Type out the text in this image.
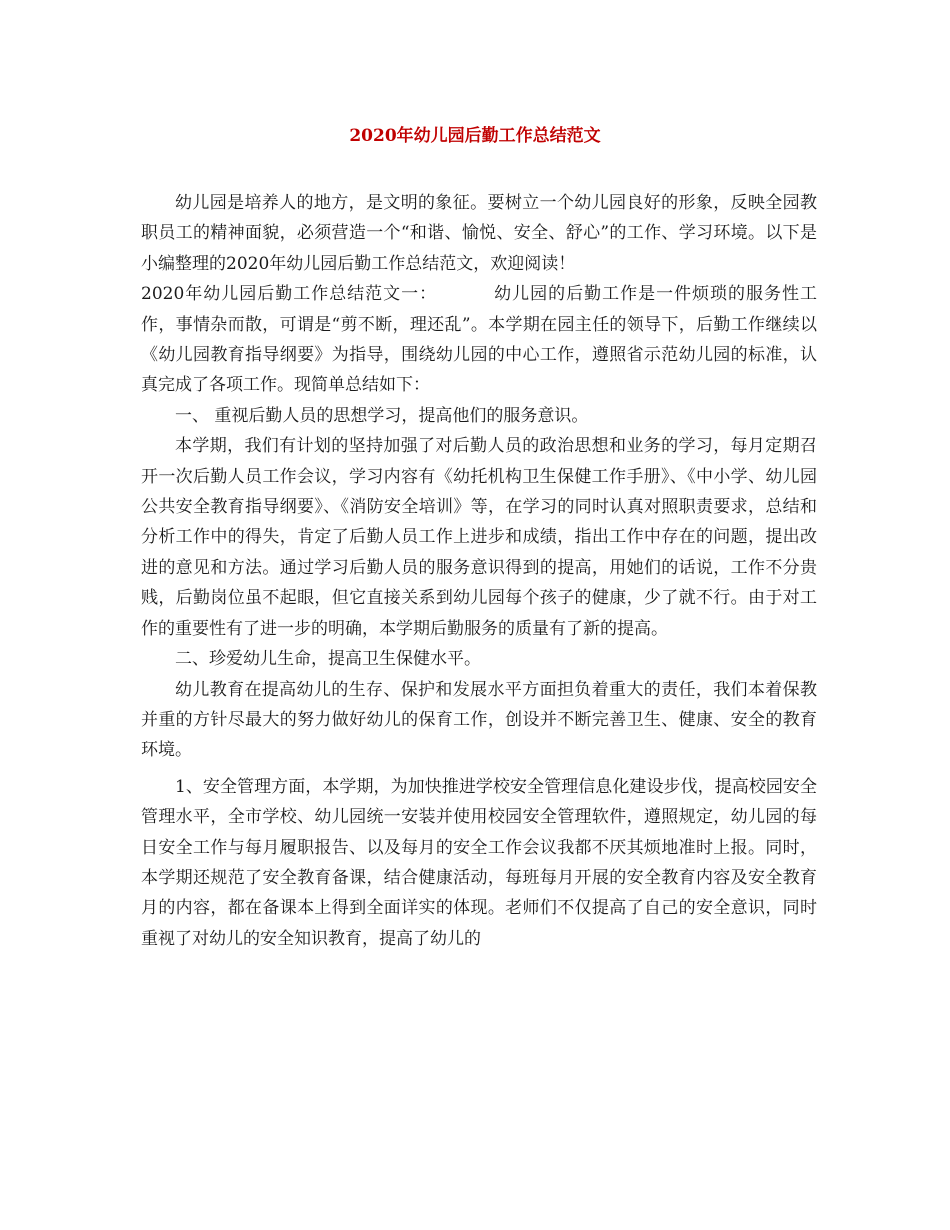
2020年幼儿园后勤工作总结范文

幼儿园是培养人的地方，是文明的象征。要树立一个幼儿园良好的形象，反映全园教职员工的精神面貌，必须营造一个“和谐、愉悦、安全、舒心”的工作、学习环境。以下是小编整理的2020年幼儿园后勤工作总结范文，欢迎阅读！

2020年幼儿园后勤工作总结范文一：	幼儿园的后勤工作是一件烦琐的服务性工作，事情杂而散，可谓是“剪不断，理还乱”。本学期在园主任的领导下，后勤工作继续以《幼儿园教育指导纲要》为指导，围绕幼儿园的中心工作，遵照省示范幼儿园的标准，认真完成了各项工作。现简单总结如下：

一、 重视后勤人员的思想学习，提高他们的服务意识。

本学期，我们有计划的坚持加强了对后勤人员的政治思想和业务的学习，每月定期召开一次后勤人员工作会议，学习内容有《幼托机构卫生保健工作手册》、《中小学、幼儿园公共安全教育指导纲要》、《消防安全培训》等，在学习的同时认真对照职责要求，总结和分析工作中的得失，肯定了后勤人员工作上进步和成绩，指出工作中存在的问题，提出改进的意见和方法。通过学习后勤人员的服务意识得到的提高，用她们的话说，工作不分贵贱，后勤岗位虽不起眼，但它直接关系到幼儿园每个孩子的健康，少了就不行。由于对工作的重要性有了进一步的明确，本学期后勤服务的质量有了新的提高。

二、珍爱幼儿生命，提高卫生保健水平。

幼儿教育在提高幼儿的生存、保护和发展水平方面担负着重大的责任，我们本着保教并重的方针尽最大的努力做好幼儿的保育工作，创设并不断完善卫生、健康、安全的教育环境。

1、安全管理方面，本学期，为加快推进学校安全管理信息化建设步伐，提高校园安全管理水平，全市学校、幼儿园统一安装并使用校园安全管理软件，遵照规定，幼儿园的每日安全工作与每月履职报告、以及每月的安全工作会议我都不厌其烦地准时上报。同时，本学期还规范了安全教育备课，结合健康活动，每班每月开展的安全教育内容及安全教育月的内容，都在备课本上得到全面详实的体现。老师们不仅提高了自己的安全意识，同时重视了对幼儿的安全知识教育，提高了幼儿的
